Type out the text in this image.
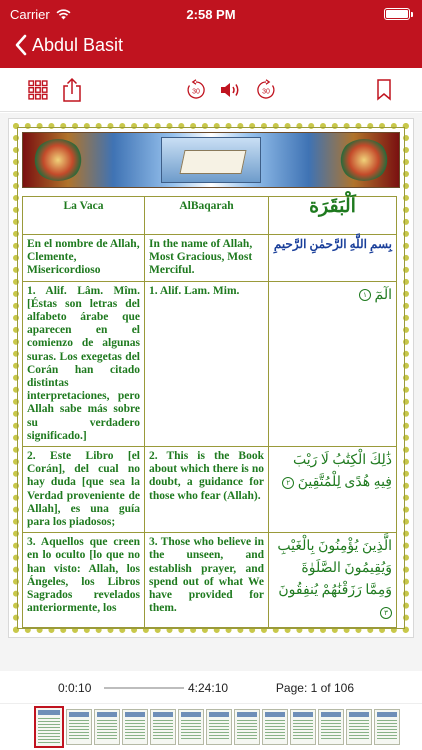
Carrier	2:58 PM
Abdul Basit
30	30
La Vaca	AlBaqarah	اَلْبَقَرَة
En el nombre de Allah, Clemente, Misericordioso	In the name of Allah, Most Gracious, Most Merciful.	بِسمِ اللَّهِ الرَّحمٰنِ الرَّحيمِ
1. Alif. Lâm. Mîm. [Éstas son letras del alfabeto árabe que aparecen en el comienzo de algunas suras. Los exegetas del Corán han citado distintas interpretaciones, pero Allah sabe más sobre su verdadero significado.]	1. Alif. Lam. Mim.	الٓمٓ ١
2. Este Libro [el Corán], del cual no hay duda [que sea la Verdad proveniente de Allah], es una guía para los piadosos;	2. This is the Book about which there is no doubt, a guidance for those who fear (Allah).	ذَٰلِكَ الْكِتَٰبُ لَا رَيْبَ فِيهِ هُدًى لِلْمُتَّقِينَ ٢
3. Aquellos que creen en lo oculto [lo que no han visto: Allah, los Ángeles, los Libros Sagrados revelados anteriormente, los	3. Those who believe in the unseen, and establish prayer, and spend out of what We have provided for them.	الَّذِينَ يُؤْمِنُونَ بِالْغَيْبِ وَيُقِيمُونَ الصَّلَوٰةَ وَمِمَّا رَزَقْنَٰهُمْ يُنفِقُونَ ٣
0:0:10	4:24:10	Page: 1 of 106
